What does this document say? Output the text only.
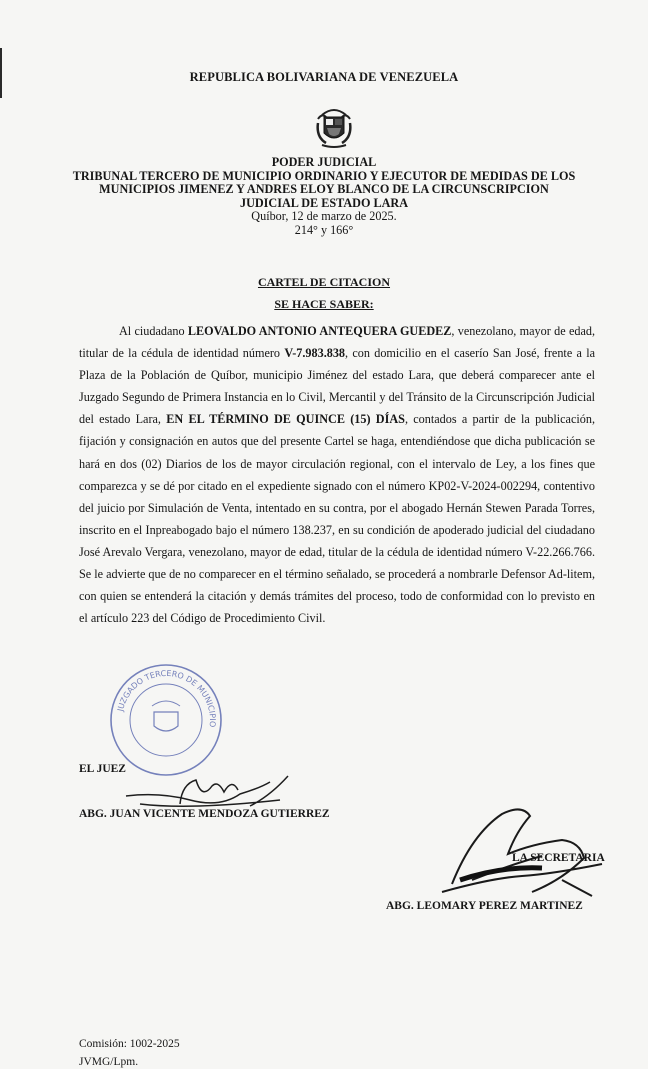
REPUBLICA BOLIVARIANA DE VENEZUELA
PODER JUDICIAL
TRIBUNAL TERCERO DE MUNICIPIO ORDINARIO Y EJECUTOR DE MEDIDAS DE LOS
MUNICIPIOS JIMENEZ Y ANDRES ELOY BLANCO DE LA CIRCUNSCRIPCION
JUDICIAL DE ESTADO LARA
Quíbor, 12 de marzo de 2025.
214° y 166°
CARTEL DE CITACION
SE HACE SABER:

Al ciudadano LEOVALDO ANTONIO ANTEQUERA GUEDEZ, venezolano, mayor de edad, titular de la cédula de identidad número V-7.983.838, con domicilio en el caserío San José, frente a la Plaza de la Población de Quíbor, municipio Jiménez del estado Lara, que deberá comparecer ante el Juzgado Segundo de Primera Instancia en lo Civil, Mercantil y del Tránsito de la Circunscripción Judicial del estado Lara, EN EL TÉRMINO DE QUINCE (15) DÍAS, contados a partir de la publicación, fijación y consignación en autos que del presente Cartel se haga, entendiéndose que dicha publicación se hará en dos (02) Diarios de los de mayor circulación regional, con el intervalo de Ley, a los fines que comparezca y se dé por citado en el expediente signado con el número KP02-V-2024-002294, contentivo del juicio por Simulación de Venta, intentado en su contra, por el abogado Hernán Stewen Parada Torres, inscrito en el Inpreabogado bajo el número 138.237, en su condición de apoderado judicial del ciudadano José Arevalo Vergara, venezolano, mayor de edad, titular de la cédula de identidad número V-22.266.766. Se le advierte que de no comparecer en el término señalado, se procederá a nombrarle Defensor Ad-litem, con quien se entenderá la citación y demás trámites del proceso, todo de conformidad con lo previsto en el artículo 223 del Código de Procedimiento Civil.

JUZGADO TERCERO DE MUNICIPIO
EL JUEZ
ABG. JUAN VICENTE MENDOZA GUTIERREZ
LA SECRETARIA
ABG. LEOMARY PEREZ MARTINEZ
Comisión: 1002-2025
JVMG/Lpm.
